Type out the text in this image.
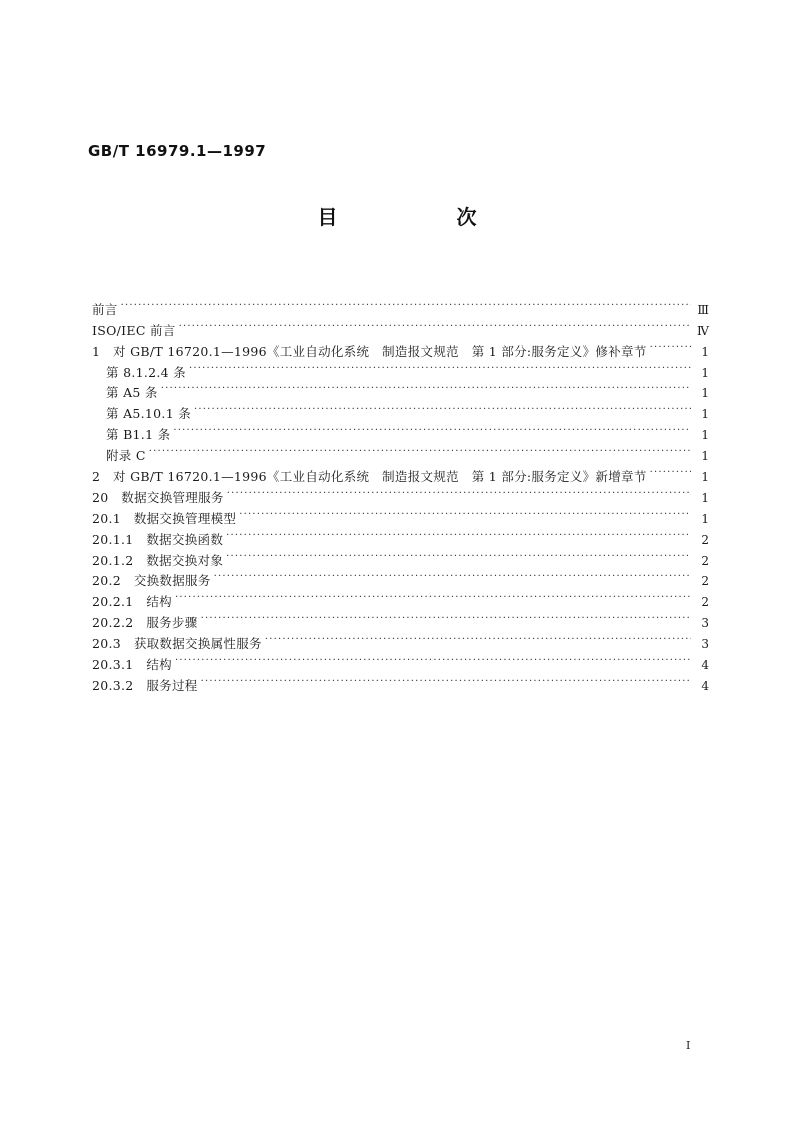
GB/T 16979.1—1997
目 次
前言 ·····	Ⅲ
ISO/IEC 前言 ·····	Ⅳ
1　对 GB/T 16720.1—1996《工业自动化系统　制造报文规范　第 1 部分:服务定义》修补章节 ·····	1
第 8.1.2.4 条 ·····	1
第 A5 条 ·····	1
第 A5.10.1 条 ·····	1
第 B1.1 条 ·····	1
附录 C ·····	1
2　对 GB/T 16720.1—1996《工业自动化系统　制造报文规范　第 1 部分:服务定义》新增章节 ·····	1
20　数据交换管理服务 ·····	1
20.1　数据交换管理模型 ·····	1
20.1.1　数据交换函数 ·····	2
20.1.2　数据交换对象 ·····	2
20.2　交换数据服务 ·····	2
20.2.1　结构 ·····	2
20.2.2　服务步骤 ·····	3
20.3　获取数据交换属性服务 ·····	3
20.3.1　结构 ·····	4
20.3.2　服务过程 ·····	4
I
